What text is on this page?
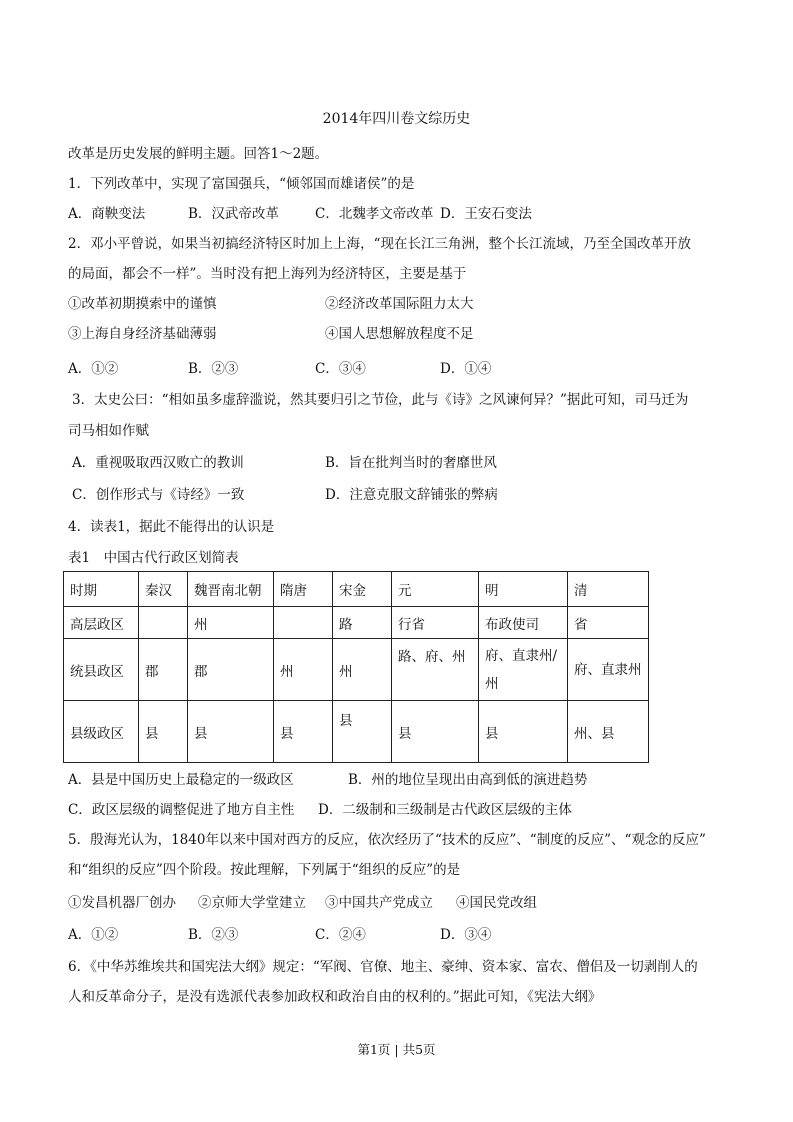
2014年四川卷文综历史
改革是历史发展的鲜明主题。回答1～2题。
1．下列改革中，实现了富国强兵，“倾邻国而雄诸侯”的是
A．商鞅变法	B．汉武帝改革	C．北魏孝文帝改革 D．王安石变法
2．邓小平曾说，如果当初搞经济特区时加上上海，“现在长江三角洲，整个长江流域，乃至全国改革开放
的局面，都会不一样”。当时没有把上海列为经济特区，主要是基于
①改革初期摸索中的谨慎	②经济改革国际阻力太大
③上海自身经济基础薄弱	④国人思想解放程度不足
A．①②	B．②③	C．③④	D．①④
3．太史公曰：“相如虽多虚辞滥说，然其要归引之节俭，此与《诗》之风谏何异？”据此可知，司马迁为
司马相如作赋
A．重视吸取西汉败亡的教训	B．旨在批判当时的奢靡世风
C．创作形式与《诗经》一致	D．注意克服文辞铺张的弊病
4．读表1，据此不能得出的认识是
表1　中国古代行政区划简表
时期	秦汉	魏晋南北朝	隋唐	宋金	元	明	清
高层政区		州		路	行省	布政使司	省
统县政区	郡	郡	州	州	路、府、州	府、直隶州/州	府、直隶州
县级政区	县	县	县	县	县	县	州、县
A．县是中国历史上最稳定的一级政区	B．州的地位呈现出由高到低的演进趋势
C．政区层级的调整促进了地方自主性 D．二级制和三级制是古代政区层级的主体
5．殷海光认为，1840年以来中国对西方的反应，依次经历了“技术的反应”、“制度的反应”、“观念的反应”
和“组织的反应”四个阶段。按此理解，下列属于“组织的反应”的是
①发昌机器厂创办 ②京师大学堂建立 ③中国共产党成立 ④国民党改组
A．①②	B．②③	C．②④	D．③④
6．《中华苏维埃共和国宪法大纲》规定：“军阀、官僚、地主、豪绅、资本家、富农、僧侣及一切剥削人的
人和反革命分子，是没有选派代表参加政权和政治自由的权利的。”据此可知，《宪法大纲》
第1页 | 共5页
